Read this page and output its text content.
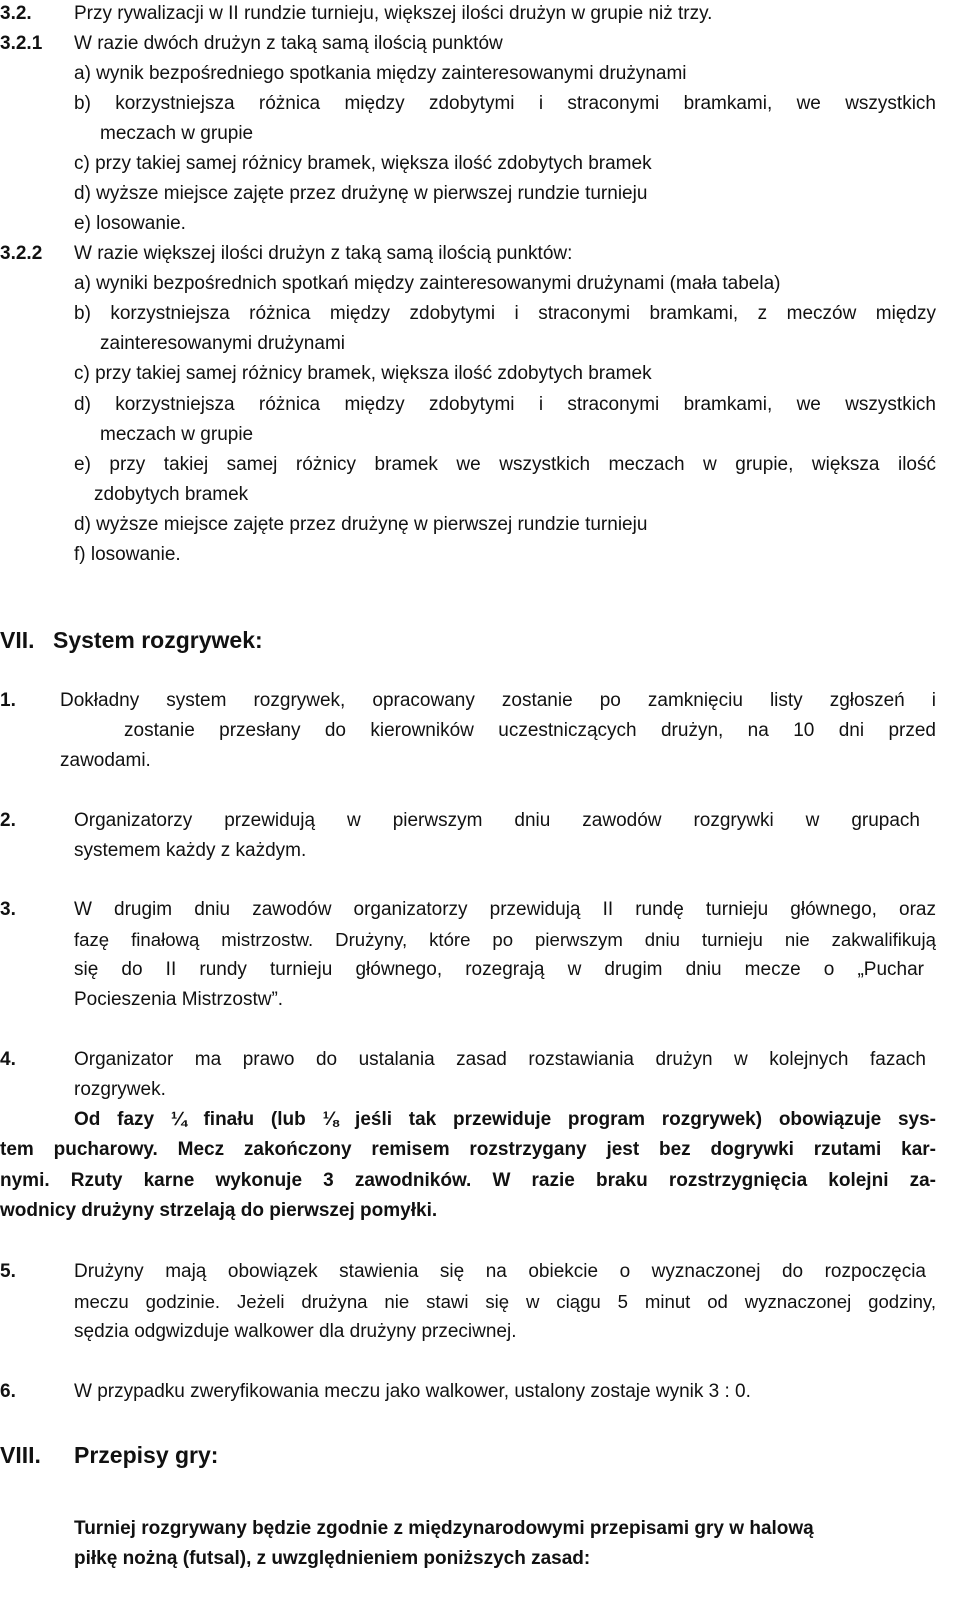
3.2. Przy rywalizacji w II rundzie turnieju, większej ilości drużyn w grupie niż trzy.
3.2.1 W razie dwóch drużyn z taką samą ilością punktów
a) wynik bezpośredniego spotkania między zainteresowanymi drużynami
b) korzystniejsza różnica między zdobytymi i straconymi bramkami, we wszystkich
meczach w grupie
c) przy takiej samej różnicy bramek, większa ilość zdobytych bramek
d) wyższe miejsce zajęte przez drużynę w pierwszej rundzie turnieju
e) losowanie.
3.2.2 W razie większej ilości drużyn z taką samą ilością punktów:
a) wyniki bezpośrednich spotkań między zainteresowanymi drużynami (mała tabela)
b) korzystniejsza różnica między zdobytymi i straconymi bramkami, z meczów między
zainteresowanymi drużynami
c) przy takiej samej różnicy bramek, większa ilość zdobytych bramek
d) korzystniejsza różnica między zdobytymi i straconymi bramkami, we wszystkich
meczach w grupie
e) przy takiej samej różnicy bramek we wszystkich meczach w grupie, większa ilość
zdobytych bramek
d) wyższe miejsce zajęte przez drużynę w pierwszej rundzie turnieju
f) losowanie.
VII. System rozgrywek:
1. Dokładny system rozgrywek, opracowany zostanie po zamknięciu listy zgłoszeń i
zostanie przesłany do kierowników uczestniczących drużyn, na 10 dni przed
zawodami.
2.	Organizatorzy przewidują w pierwszym dniu zawodów rozgrywki w grupach
systemem każdy z każdym.
3.	W drugim dniu zawodów organizatorzy przewidują II rundę turnieju głównego, oraz
fazę finałową mistrzostw. Drużyny, które po pierwszym dniu turnieju nie zakwalifikują
się do II rundy turnieju głównego, rozegrają w drugim dniu mecze o „Puchar
Pocieszenia Mistrzostw”.
4.	Organizator ma prawo do ustalania zasad rozstawiania drużyn w kolejnych fazach
rozgrywek.
Od fazy ¼ finału (lub ⅛ jeśli tak przewiduje program rozgrywek) obowiązuje sys-
tem pucharowy. Mecz zakończony remisem rozstrzygany jest bez dogrywki rzutami kar-
nymi. Rzuty karne wykonuje 3 zawodników. W razie braku rozstrzygnięcia kolejni za-
wodnicy drużyny strzelają do pierwszej pomyłki.
5.	Drużyny mają obowiązek stawienia się na obiekcie o wyznaczonej do rozpoczęcia
meczu godzinie. Jeżeli drużyna nie stawi się w ciągu 5 minut od wyznaczonej godziny,
sędzia odgwizduje walkower dla drużyny przeciwnej.
6.	W przypadku zweryfikowania meczu jako walkower, ustalony zostaje wynik 3 : 0.
VIII. Przepisy gry:
Turniej rozgrywany będzie zgodnie z międzynarodowymi przepisami gry w halową
piłkę nożną (futsal), z uwzględnieniem poniższych zasad:
